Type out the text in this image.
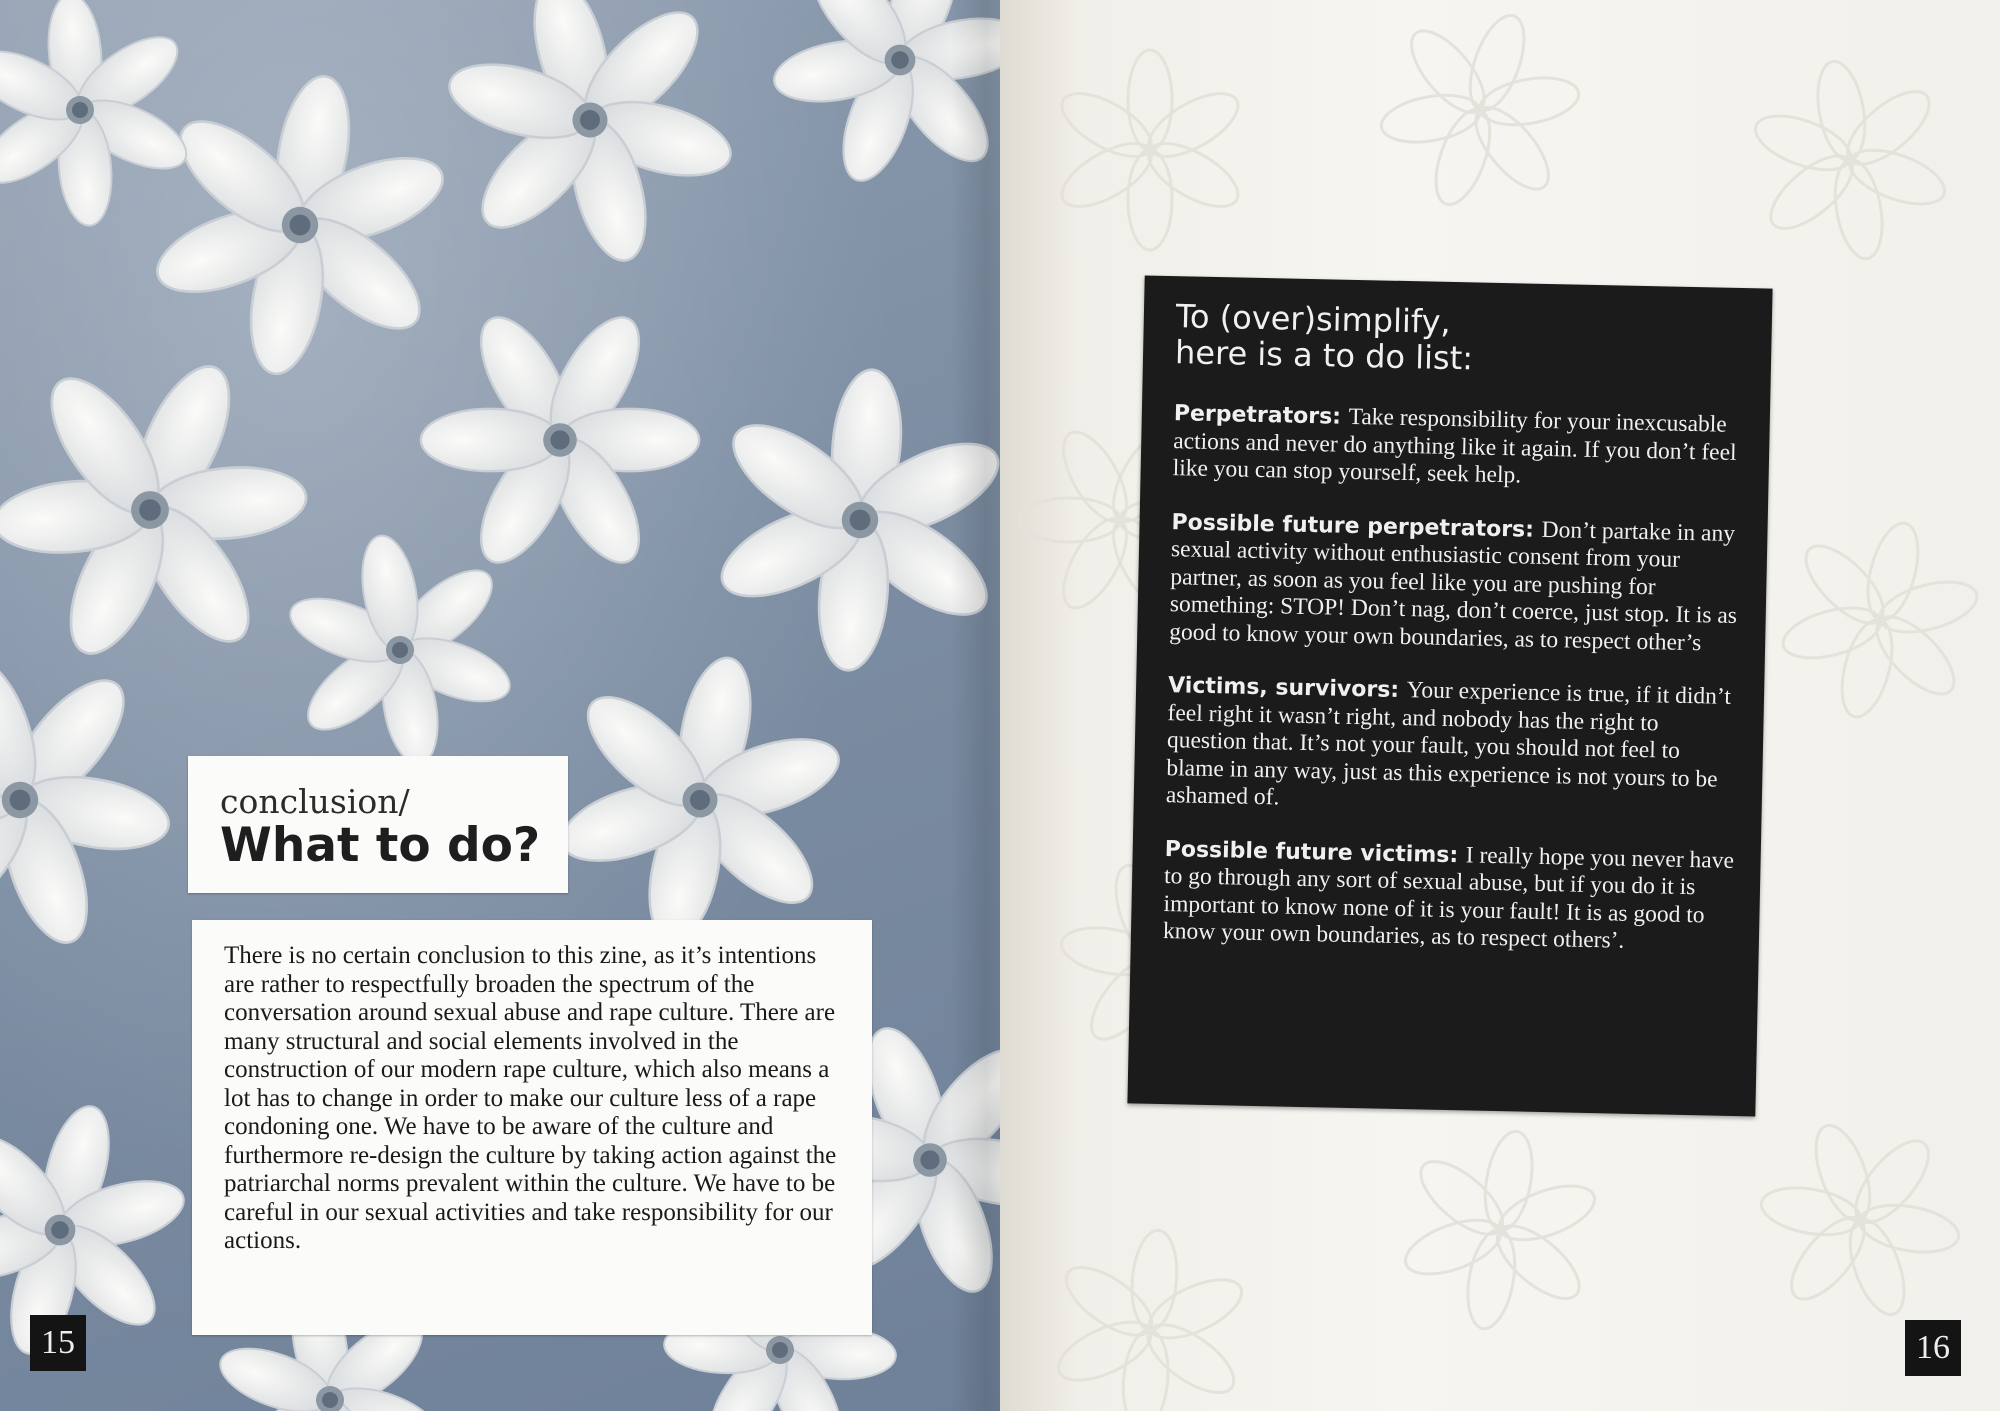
conclusion/
What to do?
There is no certain conclusion to this zine, as it’s intentions are rather to respectfully broaden the spectrum of the conversation around sexual abuse and rape culture. There are many structural and social elements involved in the construction of our modern rape culture, which also means a lot has to change in order to make our culture less of a rape condoning one. We have to be aware of the culture and furthermore re-design the culture by taking action against the patriarchal norms prevalent within the culture. We have to be careful in our sexual activities and take responsibility for our actions.
15	16
To (over)simplify,
here is a to do list:
Perpetrators: Take responsibility for your inexcusable actions and never do anything like it again. If you don’t feel like you can stop yourself, seek help.
Possible future perpetrators: Don’t partake in any sexual activity without enthusiastic consent from your partner, as soon as you feel like you are pushing for something: STOP! Don’t nag, don’t coerce, just stop. It is as good to know your own boundaries, as to respect other’s
Victims, survivors: Your experience is true, if it didn’t feel right it wasn’t right, and nobody has the right to question that. It’s not your fault, you should not feel to blame in any way, just as this experience is not yours to be ashamed of.
Possible future victims: I really hope you never have to go through any sort of sexual abuse, but if you do it is important to know none of it is your fault! It is as good to know your own boundaries, as to respect others’.
